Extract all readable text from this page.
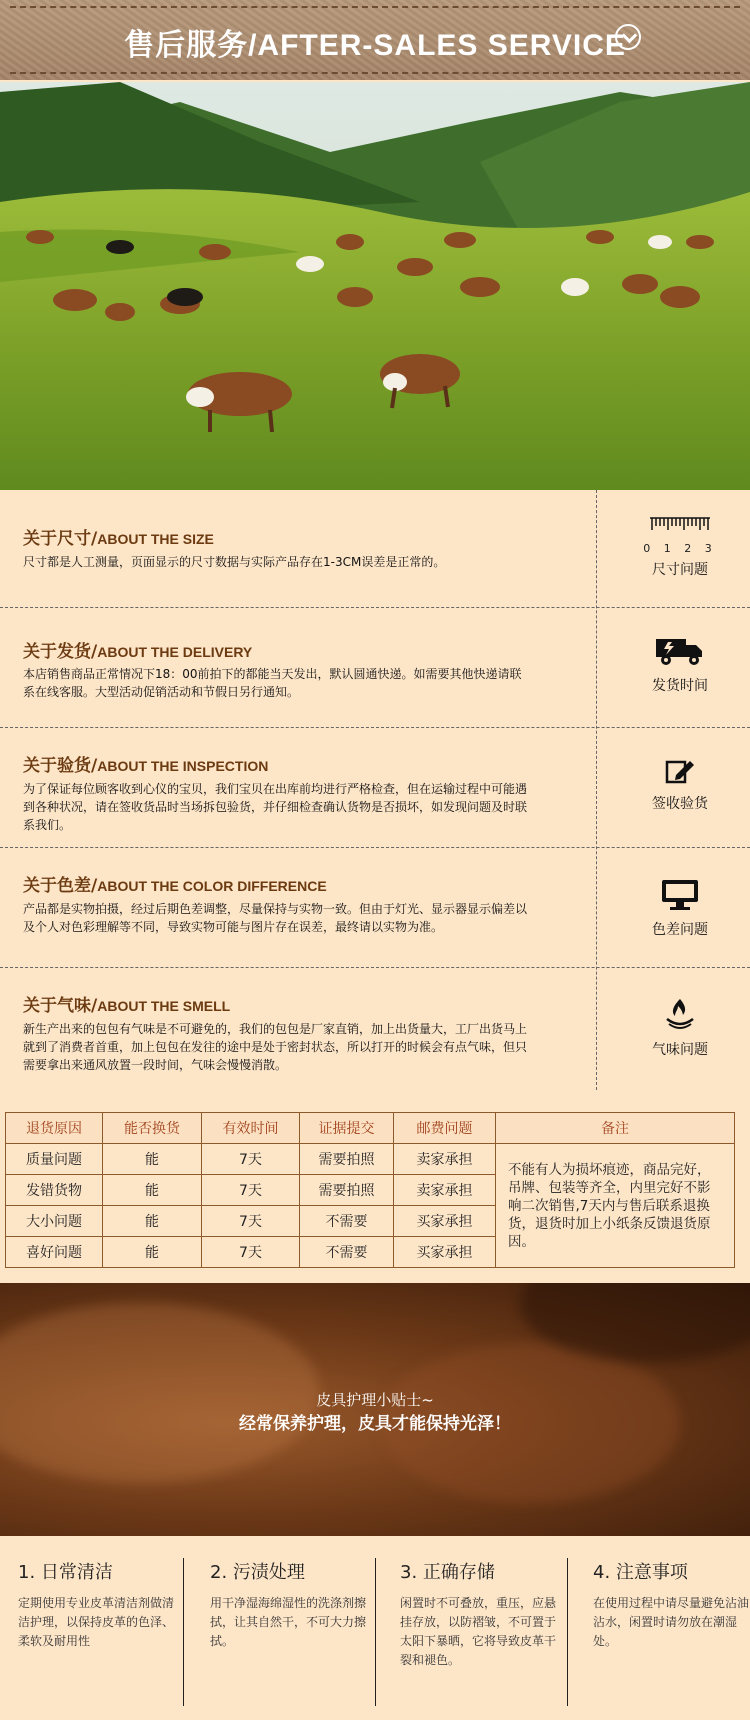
售后服务/AFTER-SALES SERVICE
关于尺寸/ABOUT THE SIZE
尺寸都是人工测量，页面显示的尺寸数据与实际产品存在1-3CM误差是正常的。
0 1 2 3
尺寸问题
关于发货/ABOUT THE DELIVERY
本店销售商品正常情况下18：00前拍下的都能当天发出，默认圆通快递。如需要其他快递请联系在线客服。大型活动促销活动和节假日另行通知。	发货时间
关于验货/ABOUT THE INSPECTION
为了保证每位顾客收到心仪的宝贝，我们宝贝在出库前均进行严格检查，但在运输过程中可能遇到各种状况，请在签收货品时当场拆包验货，并仔细检查确认货物是否损坏，如发现问题及时联系我们。
签收验货
关于色差/ABOUT THE COLOR DIFFERENCE
产品都是实物拍摄，经过后期色差调整，尽量保持与实物一致。但由于灯光、显示器显示偏差以及个人对色彩理解等不同，导致实物可能与图片存在误差，最终请以实物为准。	色差问题
关于气味/ABOUT THE SMELL
新生产出来的包包有气味是不可避免的，我们的包包是厂家直销，加上出货量大，工厂出货马上就到了消费者首重，加上包包在发往的途中是处于密封状态，所以打开的时候会有点气味，但只需要拿出来通风放置一段时间，气味会慢慢消散。
气味问题
退货原因	能否换货	有效时间	证据提交	邮费问题	备注
质量问题	能	7天	需要拍照	卖家承担	不能有人为损坏痕迹，商品完好，吊牌、包装等齐全，内里完好不影响二次销售,7天内与售后联系退换货，退货时加上小纸条反馈退货原因。
发错货物	能	7天	需要拍照	卖家承担	
大小问题	能	7天	不需要	买家承担	
喜好问题	能	7天	不需要	买家承担	
皮具护理小贴士~
经常保养护理，皮具才能保持光泽！
1. 日常清洁
定期使用专业皮革清洁剂做清洁护理，以保持皮革的色泽、柔软及耐用性
2. 污渍处理
用干净湿海绵湿性的洗涤剂擦拭，让其自然干，不可大力擦拭。
3. 正确存储
闲置时不可叠放，重压，应悬挂存放，以防褶皱，不可置于太阳下暴晒，它将导致皮革干裂和褪色。
4. 注意事项
在使用过程中请尽量避免沾油沾水，闲置时请勿放在潮湿处。
